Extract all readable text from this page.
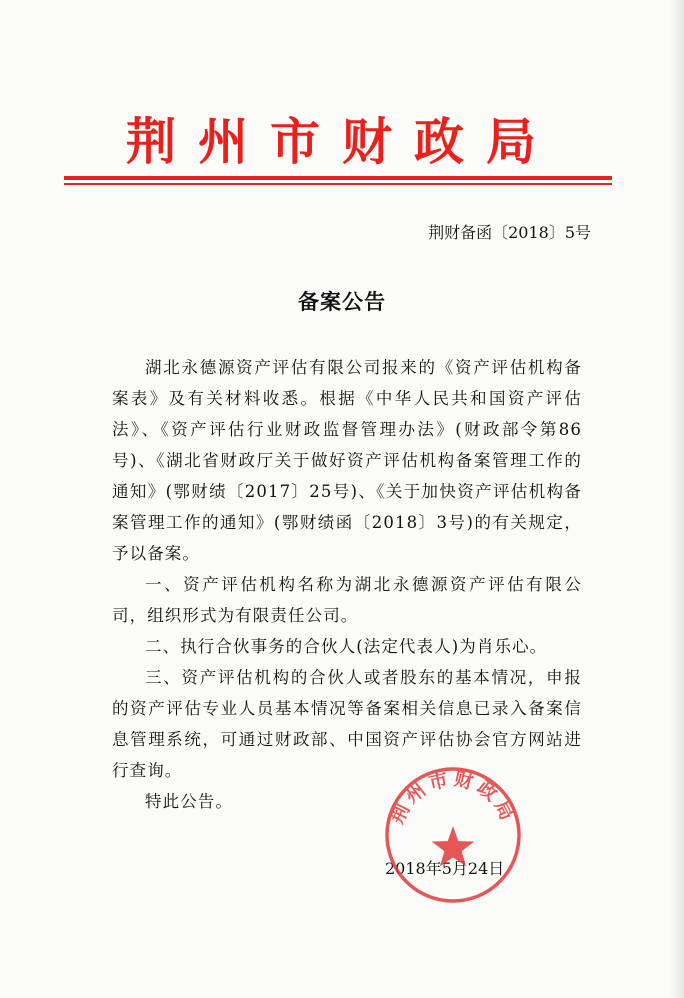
荆州市财政局
荆财备函〔2018〕5号
备案公告

湖北永德源资产评估有限公司报来的《资产评估机构备案表》及有关材料收悉。根据《中华人民共和国资产评估法》、《资产评估行业财政监督管理办法》(财政部令第86号)、《湖北省财政厅关于做好资产评估机构备案管理工作的通知》(鄂财绩〔2017〕25号)、《关于加快资产评估机构备案管理工作的通知》(鄂财绩函〔2018〕3号)的有关规定，予以备案。

一、资产评估机构名称为湖北永德源资产评估有限公司，组织形式为有限责任公司。

二、执行合伙事务的合伙人(法定代表人)为肖乐心。

三、资产评估机构的合伙人或者股东的基本情况，申报的资产评估专业人员基本情况等备案相关信息已录入备案信息管理系统，可通过财政部、中国资产评估协会官方网站进行查询。

特此公告。

2018年5月24日
荆州市财政局
